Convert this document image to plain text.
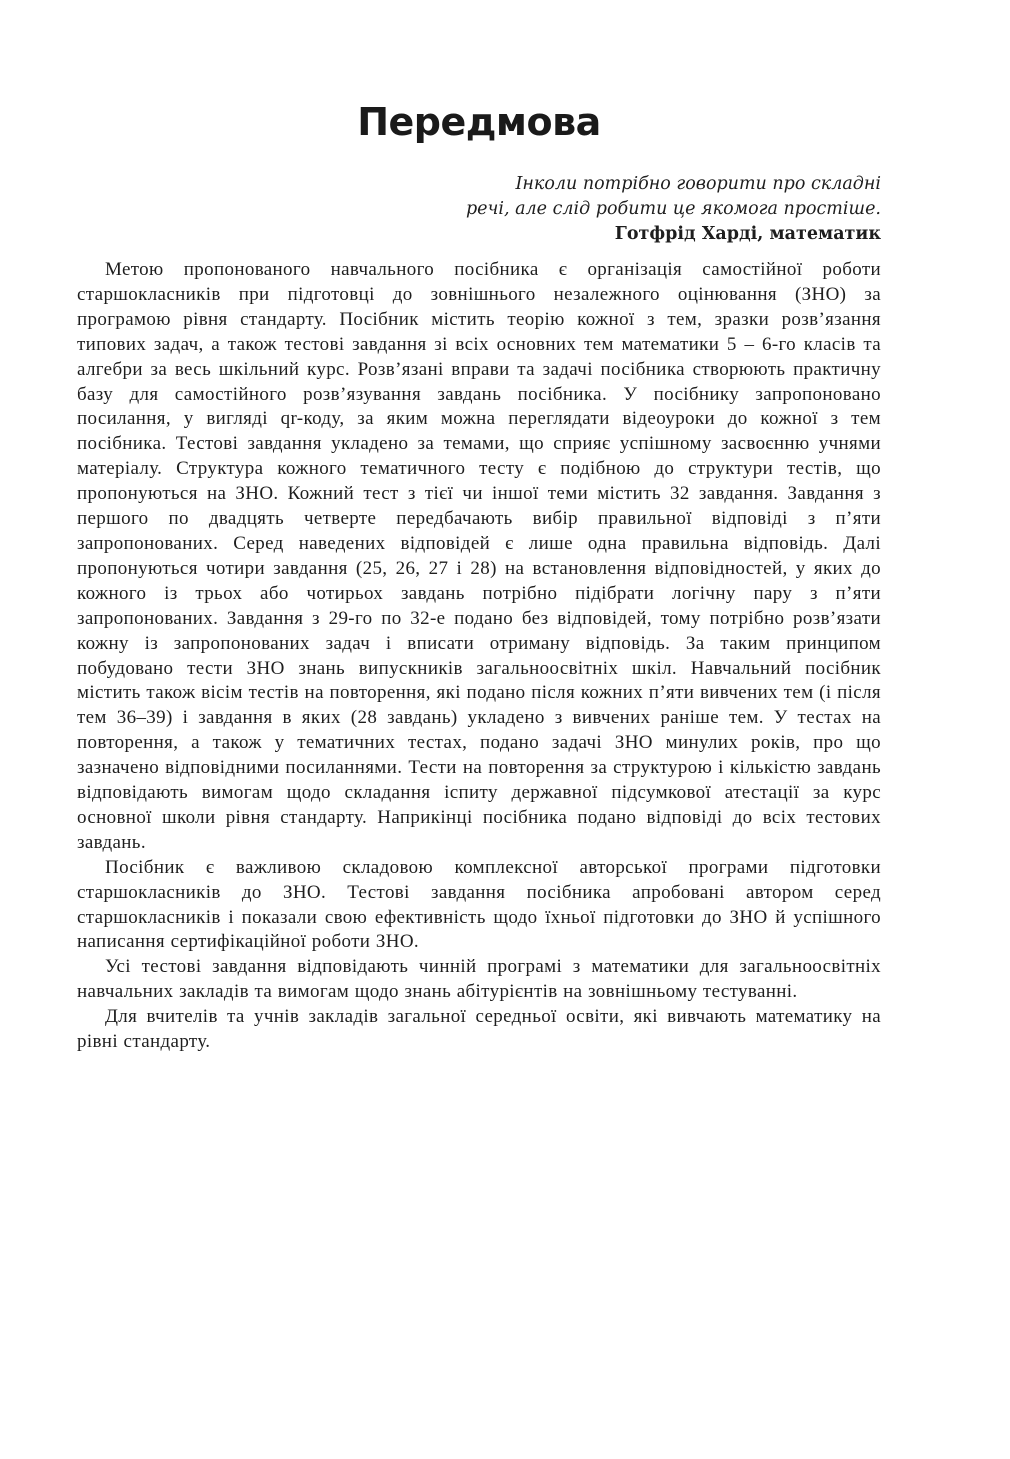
Передмова
Інколи потрібно говорити про складні
речі, але слід робити це якомога простіше.
Готфрід Харді, математик

Метою пропонованого навчального посібника є організація самостійної роботи старшокласників при підготовці до зовнішнього незалежного оцінювання (ЗНО) за програмою рівня стандарту. Посібник містить теорію кожної з тем, зразки розв’язання типових задач, а також тестові завдання зі всіх основних тем математики 5 – 6-го класів та алгебри за весь шкільний курс. Розв’язані вправи та задачі посібника створюють практичну базу для самостійного розв’язування завдань посібника. У посібнику запропоновано посилання, у вигляді qr-коду, за яким можна переглядати відеоуроки до кожної з тем посібника. Тестові завдання укладено за темами, що сприяє успішному засвоєнню учнями матеріалу. Структура кожного тематичного тесту є подібною до структури тестів, що пропонуються на ЗНО. Кожний тест з тієї чи іншої теми містить 32 завдання. Завдання з першого по двадцять четверте передбачають вибір правильної відповіді з п’яти запропонованих. Серед наведених відповідей є лише одна правильна відповідь. Далі пропонуються чотири завдання (25, 26, 27 і 28) на встановлення відповідностей, у яких до кожного із трьох або чотирьох завдань потрібно підібрати логічну пару з п’яти запропонованих. Завдання з 29-го по 32-е подано без відповідей, тому потрібно розв’язати кожну із запропонованих задач і вписати отриману відповідь. За таким принципом побудовано тести ЗНО знань випускників загальноосвітніх шкіл. Навчальний посібник містить також вісім тестів на повторення, які подано після кожних п’яти вивчених тем (і після тем 36–39) і завдання в яких (28 завдань) укладено з вивчених раніше тем. У тестах на повторення, а також у тематичних тестах, подано задачі ЗНО минулих років, про що зазначено відповідними посиланнями. Тести на повторення за структурою і кількістю завдань відповідають вимогам щодо складання іспиту державної підсумкової атестації за курс основної школи рівня стандарту. Наприкінці посібника подано відповіді до всіх тестових завдань.

Посібник є важливою складовою комплексної авторської програми підготовки старшокласників до ЗНО. Тестові завдання посібника апробовані автором серед старшокласників і показали свою ефективність щодо їхньої підготовки до ЗНО й успішного написання сертифікаційної роботи ЗНО.

Усі тестові завдання відповідають чинній програмі з математики для загальноосвітніх навчальних закладів та вимогам щодо знань абітурієнтів на зовнішньому тестуванні.

Для вчителів та учнів закладів загальної середньої освіти, які вивчають математику на рівні стандарту.
